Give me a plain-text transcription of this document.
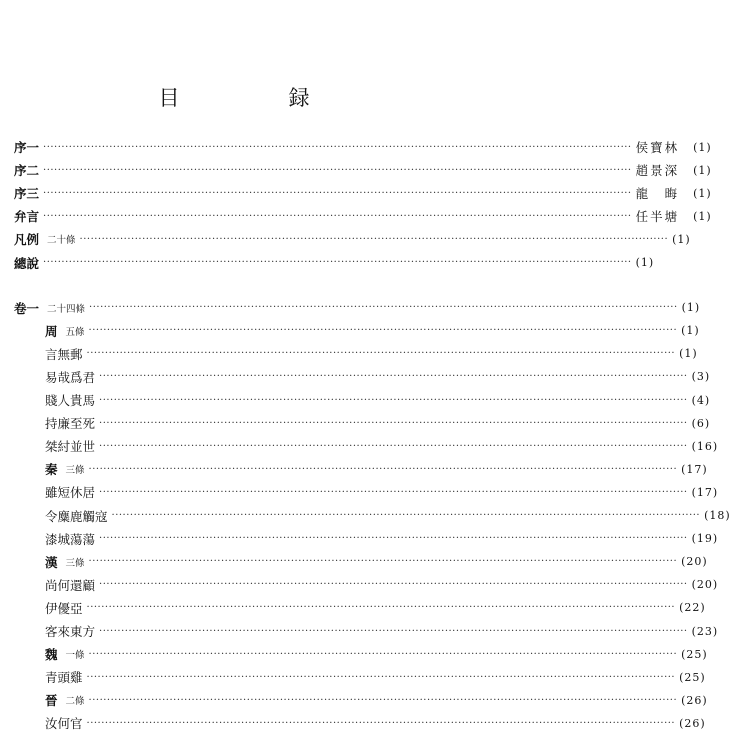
目　録
序一 ································································································································································ 侯寶林 (1)
序二 ································································································································································ 趙景深 (1)
序三 ································································································································································ 龍　晦 (1)
弁言 ································································································································································ 任半塘 (1)
凡例 二十條 ································································································································································ (1)
總說 ································································································································································ (1)
卷一 二十四條 ································································································································································ (1)
周 五條 ································································································································································ (1)
言無郵 ································································································································································ (1)
易哉爲君 ································································································································································ (3)
賤人貴馬 ································································································································································ (4)
持廉至死 ································································································································································ (6)
桀紂並世 ································································································································································ (16)
秦 三條 ································································································································································ (17)
雖短休居 ································································································································································ (17)
令麋鹿觸寇 ································································································································································ (18)
漆城蕩蕩 ································································································································································ (19)
漢 三條 ································································································································································ (20)
尚何還顧 ································································································································································ (20)
伊優亞 ································································································································································ (22)
客來東方 ································································································································································ (23)
魏 一條 ································································································································································ (25)
青頭雞 ································································································································································ (25)
晉 二條 ································································································································································ (26)
汝何官 ································································································································································ (26)
